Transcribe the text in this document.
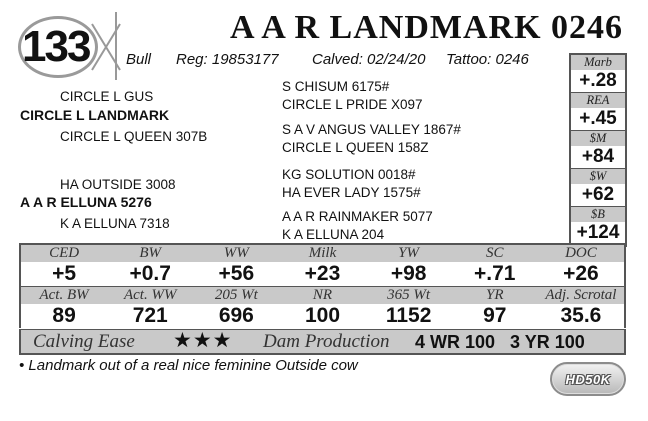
133	A A R LANDMARK 0246
Bull Reg: 19853177 Calved: 02/24/20 Tattoo: 0246
CIRCLE L GUS
CIRCLE L LANDMARK
CIRCLE L QUEEN 307B
S CHISUM 6175#
CIRCLE L PRIDE X097
S A V ANGUS VALLEY 1867#
CIRCLE L QUEEN 158Z
HA OUTSIDE 3008
A A R ELLUNA 5276
K A ELLUNA 7318
KG SOLUTION 0018#
HA EVER LADY 1575#
A A R RAINMAKER 5077
K A ELLUNA 204
Marb
+.28
REA
+.45
$M
+84
$W
+62
$B
+124
CED
+5
BW
+0.7
WW
+56
Milk
+23
YW
+98
SC
+.71
DOC
+26
Act. BW
89
Act. WW
721
205 Wt
696
NR
100
365 Wt
1152
YR
97
Adj. Scrotal
35.6
Calving Ease ★★★ Dam Production 4 WR 100   3 YR 100
• Landmark out of a real nice feminine Outside cow
HD50K
